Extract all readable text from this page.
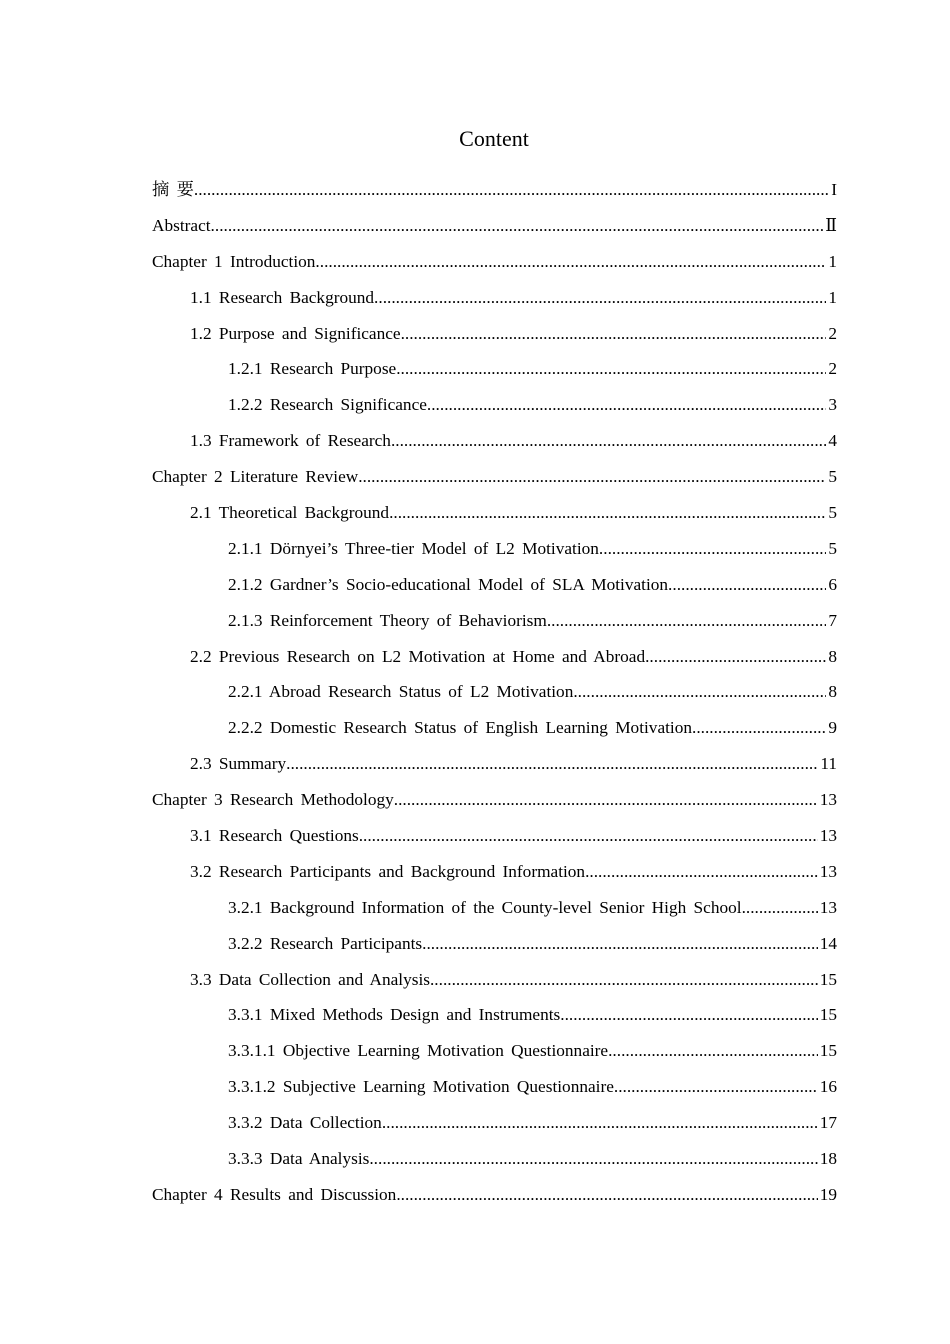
Content
摘 要 .....	I
Abstract .....	Ⅱ
Chapter 1 Introduction .....	1
1.1 Research Background .....	1
1.2 Purpose and Significance .....	2
1.2.1 Research Purpose .....	2
1.2.2 Research Significance .....	3
1.3 Framework of Research .....	4
Chapter 2 Literature Review .....	5
2.1 Theoretical Background .....	5
2.1.1 Dörnyei’s Three-tier Model of L2 Motivation .....	5
2.1.2 Gardner’s Socio-educational Model of SLA Motivation .....	6
2.1.3 Reinforcement Theory of Behaviorism .....	7
2.2 Previous Research on L2 Motivation at Home and Abroad .....	8
2.2.1 Abroad Research Status of L2 Motivation .....	8
2.2.2 Domestic Research Status of English Learning Motivation .....	9
2.3 Summary .....	11
Chapter 3 Research Methodology .....	13
3.1 Research Questions .....	13
3.2 Research Participants and Background Information .....	13
3.2.1 Background Information of the County-level Senior High School .....	13
3.2.2 Research Participants .....	14
3.3 Data Collection and Analysis .....	15
3.3.1 Mixed Methods Design and Instruments .....	15
3.3.1.1 Objective Learning Motivation Questionnaire .....	15
3.3.1.2 Subjective Learning Motivation Questionnaire .....	16
3.3.2 Data Collection .....	17
3.3.3 Data Analysis .....	18
Chapter 4 Results and Discussion .....	19
